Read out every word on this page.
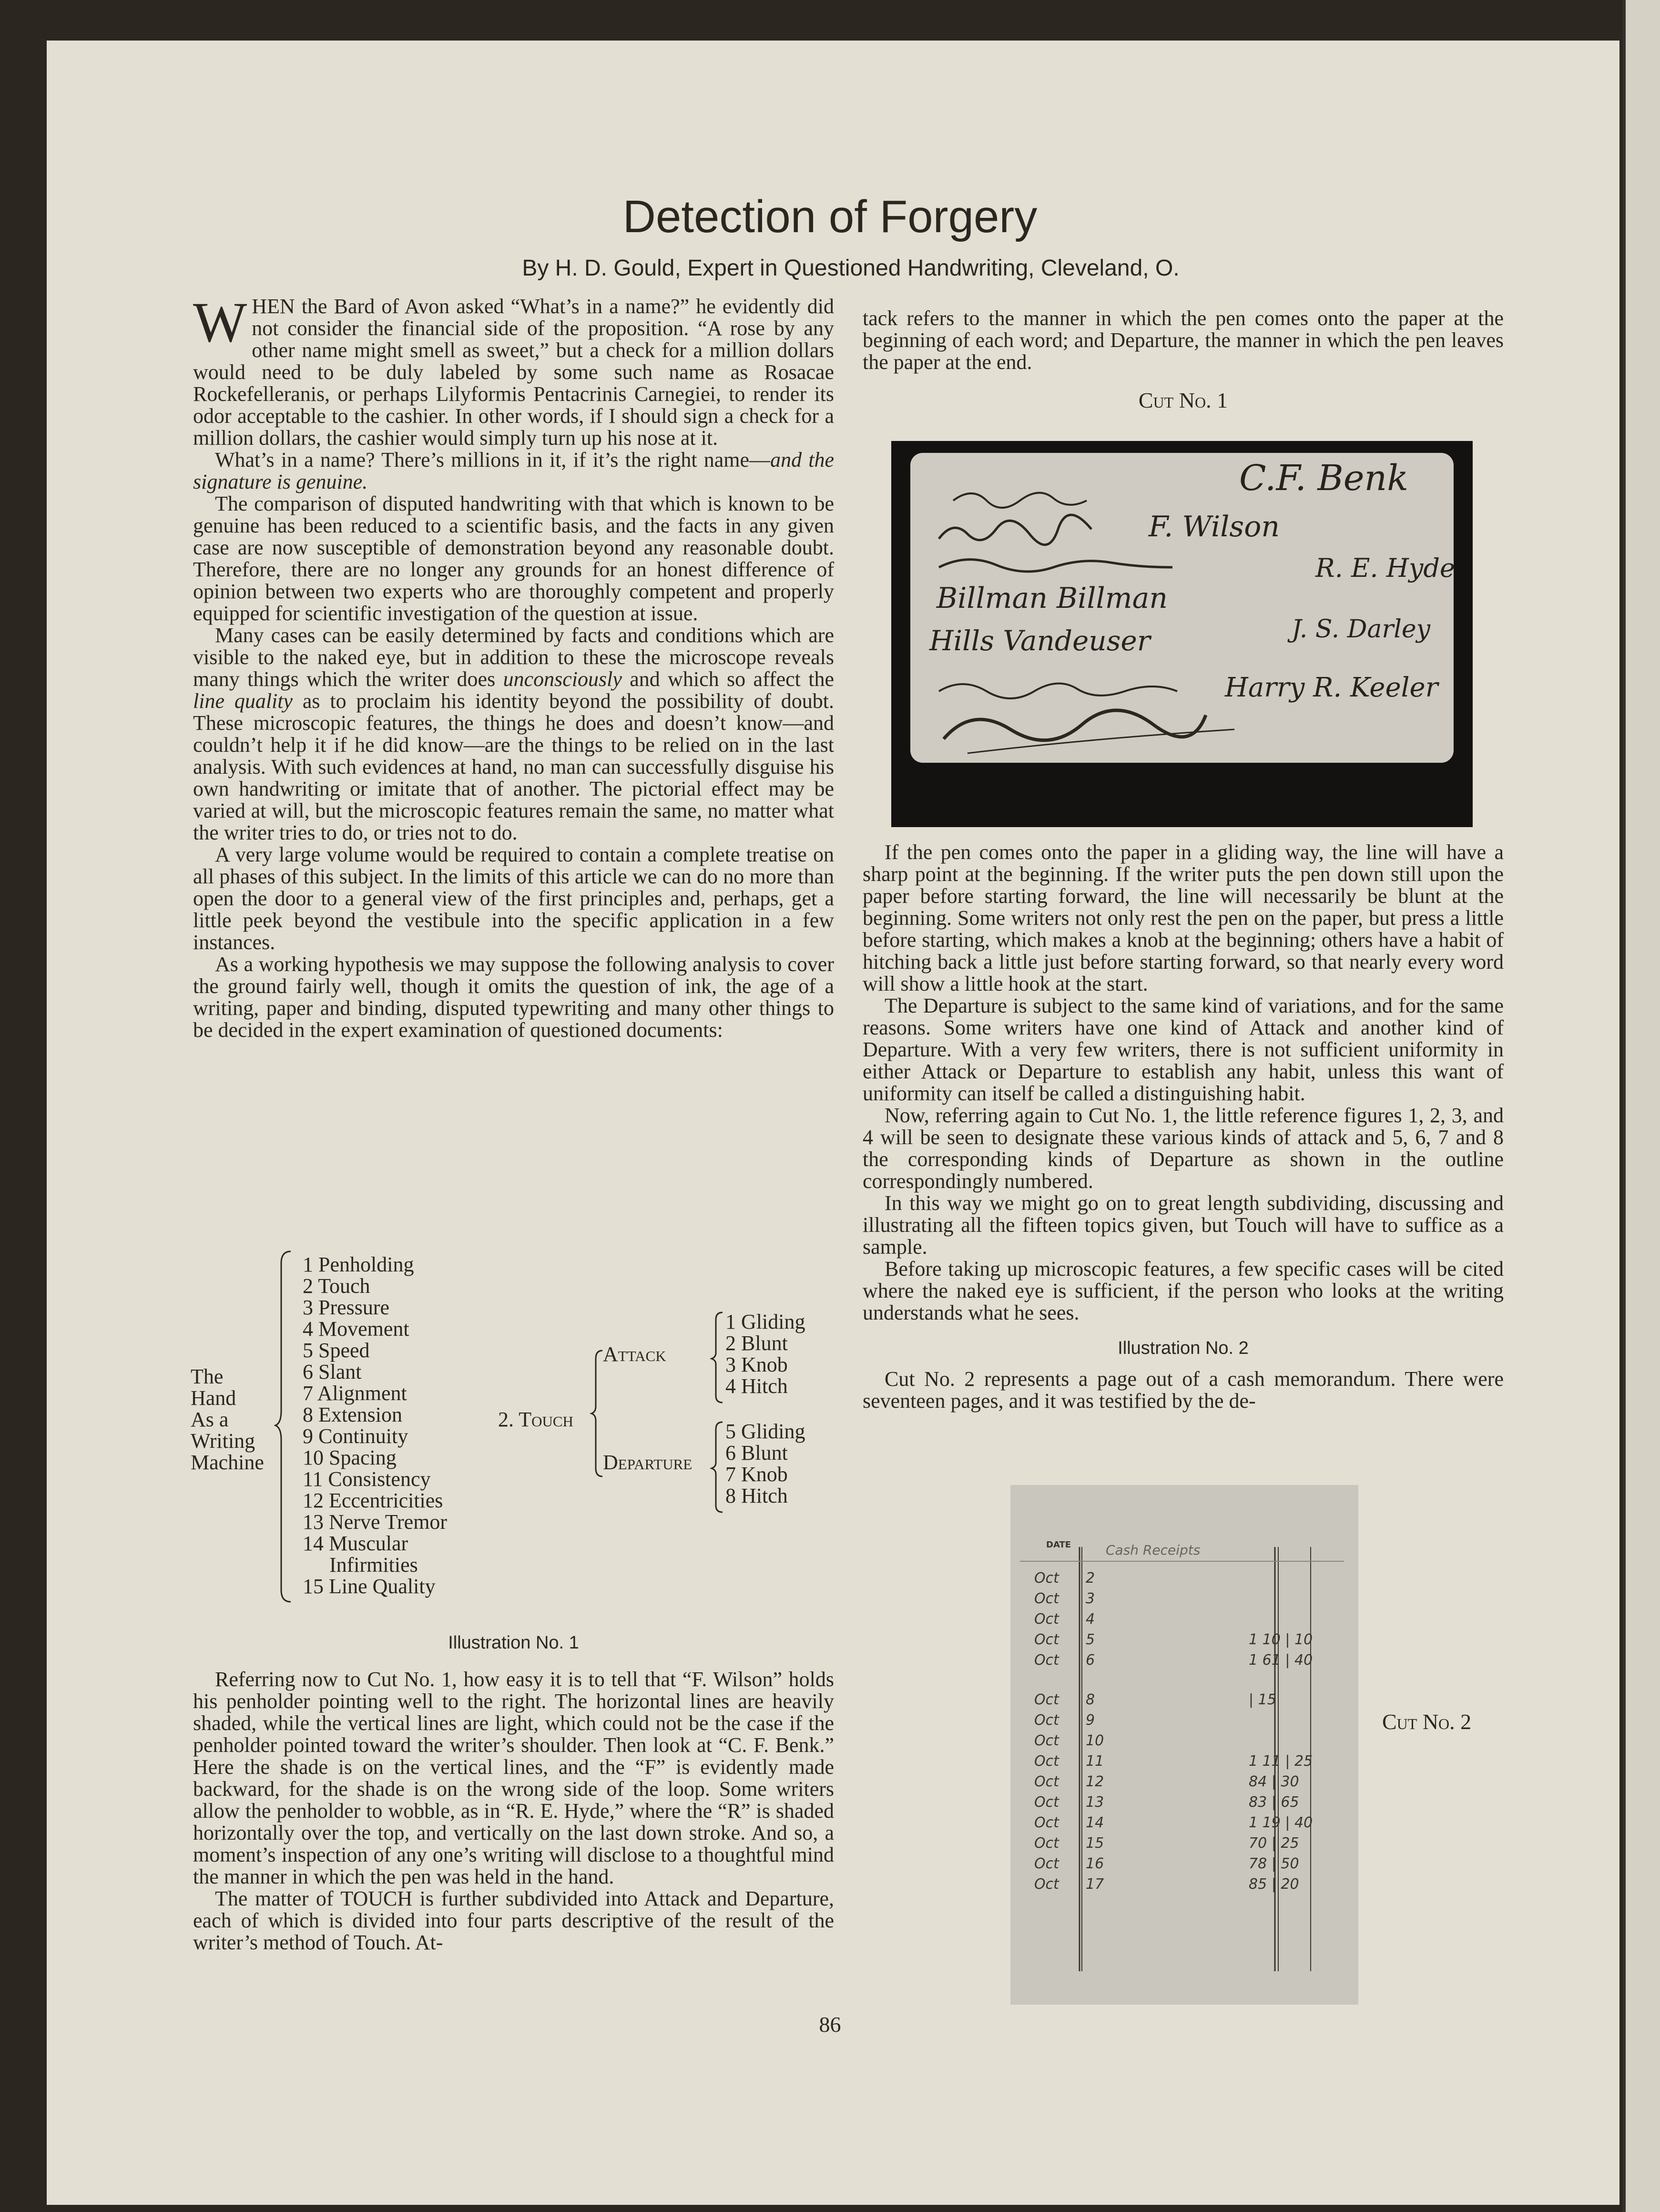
Detection of Forgery
By H. D. Gould, Expert in Questioned Handwriting, Cleveland, O.

WHEN the Bard of Avon asked “What’s in a name?” he evidently did not consider the financial side of the proposition. “A rose by any other name might smell as sweet,” but a check for a million dollars would need to be duly labeled by some such name as Rosacae Rockefelleranis, or perhaps Lilyformis Pentacrinis Carnegiei, to render its odor acceptable to the cashier. In other words, if I should sign a check for a million dollars, the cashier would simply turn up his nose at it.

What’s in a name? There’s millions in it, if it’s the right name—and the signature is genuine.

The comparison of disputed handwriting with that which is known to be genuine has been reduced to a scientific basis, and the facts in any given case are now susceptible of demonstration beyond any reasonable doubt. Therefore, there are no longer any grounds for an honest difference of opinion between two experts who are thoroughly competent and properly equipped for scientific investigation of the question at issue.

Many cases can be easily determined by facts and conditions which are visible to the naked eye, but in addition to these the microscope reveals many things which the writer does unconsciously and which so affect the line quality as to proclaim his identity beyond the possibility of doubt. These microscopic features, the things he does and doesn’t know—and couldn’t help it if he did know—are the things to be relied on in the last analysis. With such evidences at hand, no man can successfully disguise his own handwriting or imitate that of another. The pictorial effect may be varied at will, but the microscopic features remain the same, no matter what the writer tries to do, or tries not to do.

A very large volume would be required to contain a complete treatise on all phases of this subject. In the limits of this article we can do no more than open the door to a general view of the first principles and, perhaps, get a little peek beyond the vestibule into the specific application in a few instances.

As a working hypothesis we may suppose the following analysis to cover the ground fairly well, though it omits the question of ink, the age of a writing, paper and binding, disputed typewriting and many other things to be decided in the expert examination of questioned documents:

The
Hand
As a
Writing
Machine
1 Penholding
2 Touch
3 Pressure
4 Movement
5 Speed
6 Slant
7 Alignment
8 Extension
9 Continuity
10 Spacing
11 Consistency
12 Eccentricities
13 Nerve Tremor
14 Muscular
Infirmities
15 Line Quality
2. Touch
Attack
Departure
1 Gliding
2 Blunt
3 Knob
4 Hitch
5 Gliding
6 Blunt
7 Knob
8 Hitch
Illustration No. 1

Referring now to Cut No. 1, how easy it is to tell that “F. Wilson” holds his penholder pointing well to the right. The horizontal lines are heavily shaded, while the vertical lines are light, which could not be the case if the penholder pointed toward the writer’s shoulder. Then look at “C. F. Benk.” Here the shade is on the vertical lines, and the “F” is evidently made backward, for the shade is on the wrong side of the loop. Some writers allow the penholder to wobble, as in “R. E. Hyde,” where the “R” is shaded horizontally over the top, and vertically on the last down stroke. And so, a moment’s inspection of any one’s writing will disclose to a thoughtful mind the manner in which the pen was held in the hand.

The matter of TOUCH is further subdivided into Attack and Departure, each of which is divided into four parts descriptive of the result of the writer’s method of Touch. At-

tack refers to the manner in which the pen comes onto the paper at the beginning of each word; and Departure, the manner in which the pen leaves the paper at the end.

Cut No. 1
C.F. Benk
F. Wilson
R. E. Hyde
J. S. Darley
Harry R. Keeler
Billman Billman
Hills Vandeuser

If the pen comes onto the paper in a gliding way, the line will have a sharp point at the beginning. If the writer puts the pen down still upon the paper before starting forward, the line will necessarily be blunt at the beginning. Some writers not only rest the pen on the paper, but press a little before starting, which makes a knob at the beginning; others have a habit of hitching back a little just before starting forward, so that nearly every word will show a little hook at the start.

The Departure is subject to the same kind of variations, and for the same reasons. Some writers have one kind of Attack and another kind of Departure. With a very few writers, there is not sufficient uniformity in either Attack or Departure to establish any habit, unless this want of uniformity can itself be called a distinguishing habit.

Now, referring again to Cut No. 1, the little reference figures 1, 2, 3, and 4 will be seen to designate these various kinds of attack and 5, 6, 7 and 8 the corresponding kinds of Departure as shown in the outline correspondingly numbered.

In this way we might go on to great length subdividing, discussing and illustrating all the fifteen topics given, but Touch will have to suffice as a sample.

Before taking up microscopic features, a few specific cases will be cited where the naked eye is sufficient, if the person who looks at the writing understands what he sees.

Illustration No. 2

Cut No. 2 represents a page out of a cash memorandum. There were seventeen pages, and it was testified by the de-

DATE	Cash Receipts
Oct 2
Oct 3
Oct 4
Oct 5	1 10 | 10
Oct 6	1 61 | 40
Oct 8	| 15
Oct 9
Oct 10
Oct 11	1 11 | 25
Oct 12	84 | 30
Oct 13	83 | 65
Oct 14	1 19 | 40
Oct 15	70 | 25
Oct 16	78 | 50
Oct 17	85 | 20
Cut No. 2
86
